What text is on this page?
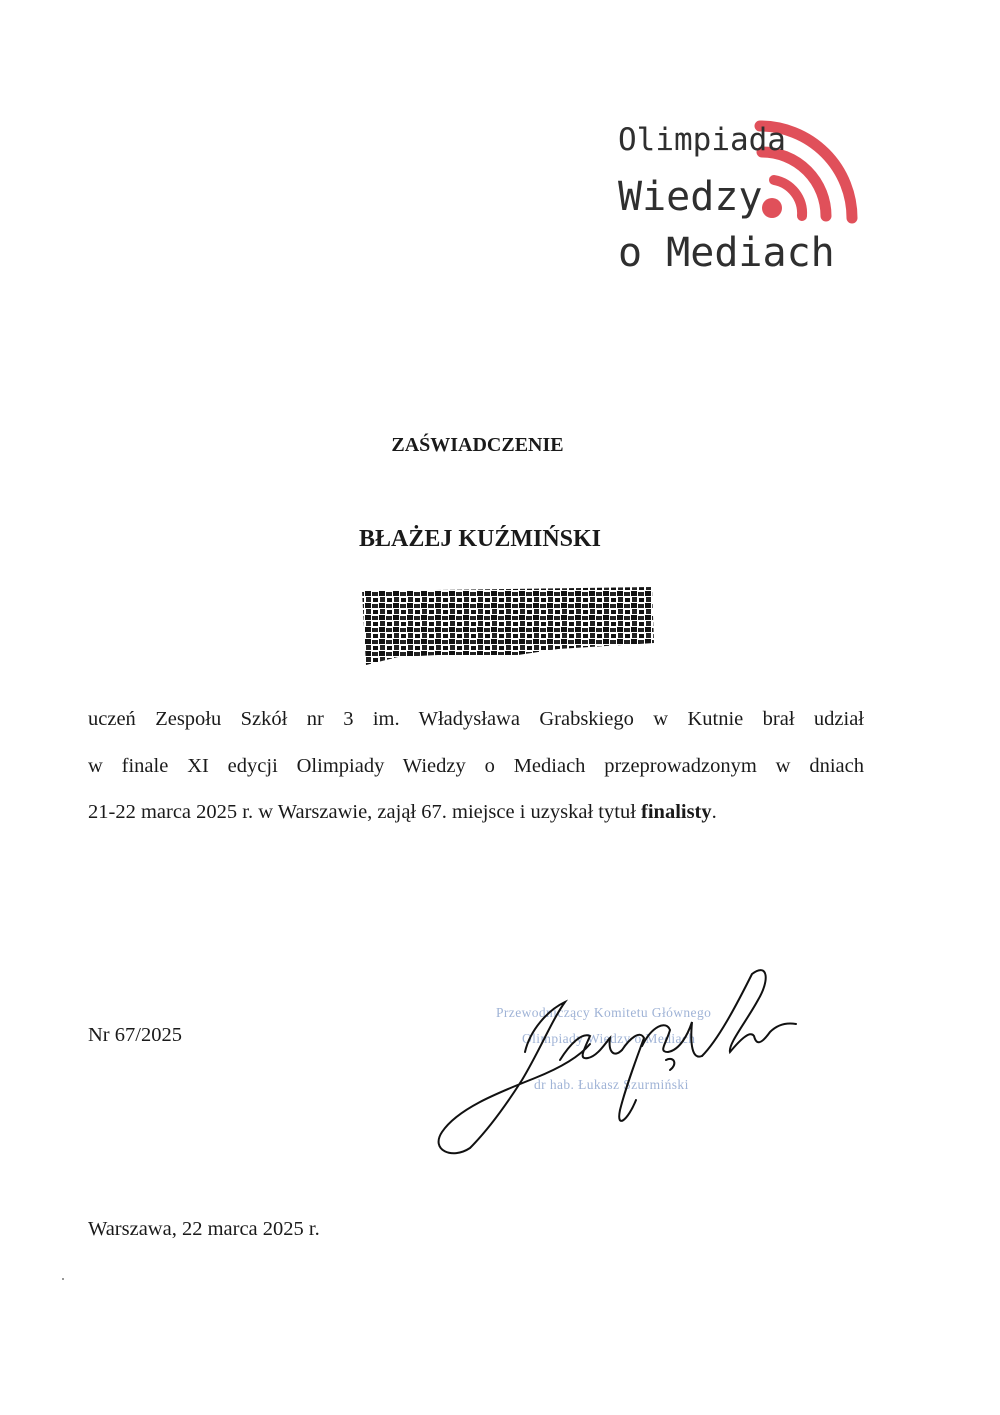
Olimpiada
Wiedzy
o Mediach
ZAŚWIADCZENIE
BŁAŻEJ KUŹMIŃSKI
uczeń Zespołu Szkół nr 3 im. Władysława Grabskiego w Kutnie brał udział
w finale XI edycji Olimpiady Wiedzy o Mediach przeprowadzonym w dniach
21-22 marca 2025 r. w Warszawie, zajął 67. miejsce i uzyskał tytuł finalisty.
Nr 67/2025
Przewodniczący Komitetu Głównego
Olimpiady Wiedzy o Mediach
dr hab. Łukasz Szurmiński
Warszawa, 22 marca 2025 r.
